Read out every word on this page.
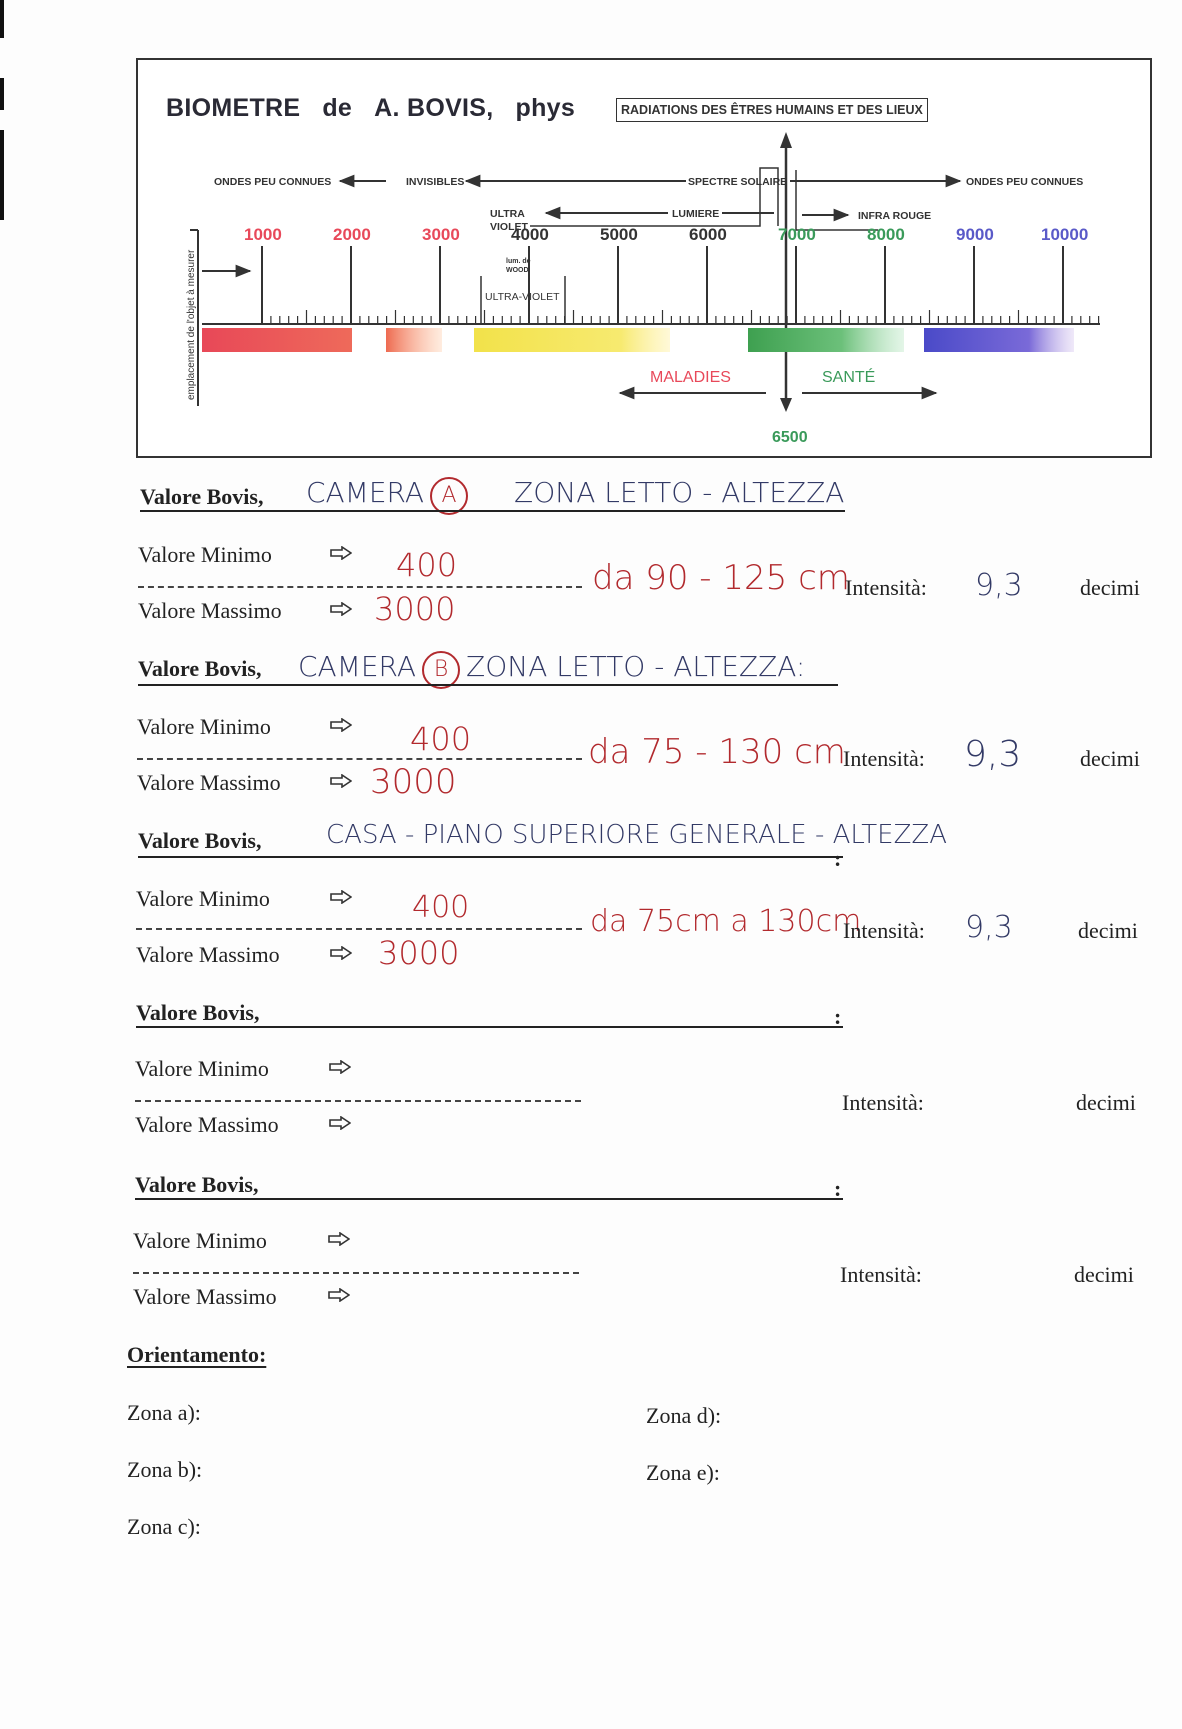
BIOMETRE de A. BOVIS, phys	RADIATIONS DES ÊTRES HUMAINS ET DES LIEUX
ONDES PEU CONNUES	INVISIBLES	SPECTRE SOLAIRE	ONDES PEU CONNUES
ULTRA
VIOLET
LUMIERE	INFRA ROUGE
6500
emplacement de l'objet à mesurer
1000	2000	3000	4000	5000	6000	7000	8000	9000	10000
lum. de
WOOD
ULTRA-VIOLET
MALADIES	SANTÉ
Valore Bovis, CAMERA A ZONA LETTO - ALTEZZA
Valore Minimo	400	da 90 - 125 cm
Intensità: 9,3	decimi
Valore Massimo	3000
Valore Bovis, CAMERA B ZONA LETTO - ALTEZZA:
Valore Minimo	400	da 75 - 130 cm
Intensità: 9,3	decimi
Valore Massimo	3000
Valore Bovis, CASA - PIANO SUPERIORE GENERALE - ALTEZZA
:
Valore Minimo	400	da 75cm a 130cm
Intensità: 9,3	decimi
Valore Massimo	3000
Valore Bovis,	:
Valore Minimo
Intensità:	decimi
Valore Massimo
Valore Bovis,	:
Valore Minimo
Intensità:	decimi
Valore Massimo
Orientamento:
Zona a):
Zona b):
Zona c):
Zona d):
Zona e):
